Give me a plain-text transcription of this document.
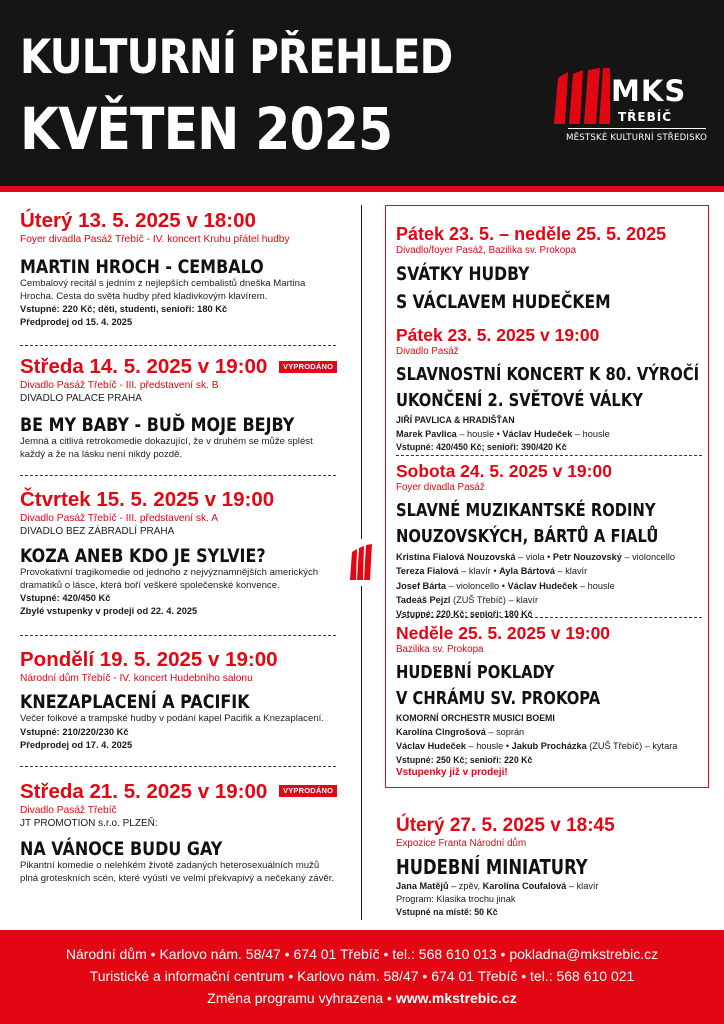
KULTURNÍ PŘEHLED
KVĚTEN 2025
MKS
TŘEBÍČ
MĚSTSKÉ KULTURNÍ STŘEDISKO
Úterý 13. 5. 2025 v 18:00
Foyer divadla Pasáž Třebíč - IV. koncert Kruhu přátel hudby
MARTIN HROCH - CEMBALO
Cembalový recitál s jedním z nejlepších cembalistů dneška Martina Hrocha. Cesta do světa hudby před kladivkovým klavírem.
Vstupné: 220 Kč; děti, studenti, senioři: 180 Kč
Předprodej od 15. 4. 2025
Středa 14. 5. 2025 v 19:00
Divadlo Pasáž Třebíč - III. představení sk. B
DIVADLO PALACE PRAHA
BE MY BABY - BUĎ MOJE BEJBY
Jemná a citlivá retrokomedie dokazující, že v druhém se může splést každý a že na lásku není nikdy pozdě.
VYPRODÁNO
Čtvrtek 15. 5. 2025 v 19:00
Divadlo Pasáž Třebíč - III. představení sk. A
DIVADLO BEZ ZÁBRADLÍ PRAHA
KOZA ANEB KDO JE SYLVIE?
Provokativní tragikomedie od jednoho z nejvýznamnějších amerických dramatiků o lásce, která boří veškeré společenské konvence.
Vstupné: 420/450 Kč
Zbylé vstupenky v prodeji od 22. 4. 2025
Pondělí 19. 5. 2025 v 19:00
Národní dům Třebíč - IV. koncert Hudebního salonu
KNEZAPLACENÍ A PACIFIK
Večer folkové a trampské hudby v podání kapel Pacifik a Knezaplacení.
Vstupné: 210/220/230 Kč
Předprodej od 17. 4. 2025
Středa 21. 5. 2025 v 19:00
Divadlo Pasáž Třebíč
JT PROMOTION s.r.o. PLZEŇ:
NA VÁNOCE BUDU GAY
Pikantní komedie o nelehkém životě zadaných heterosexuálních mužů plná groteskních scén, které vyústí ve velmi překvapivý a nečekaný závěr.
VYPRODÁNO
Pátek 23. 5. – neděle 25. 5. 2025
Divadlo/foyer Pasáž, Bazilika sv. Prokopa
SVÁTKY HUDBY
S VÁCLAVEM HUDEČKEM
Pátek 23. 5. 2025 v 19:00
Divadlo Pasáž
SLAVNOSTNÍ KONCERT K 80. VÝROČÍ
UKONČENÍ 2. SVĚTOVÉ VÁLKY
JIŘÍ PAVLICA & HRADIŠŤAN
Marek Pavlica – housle • Václav Hudeček – housle
Vstupné: 420/450 Kč; senioři: 390/420 Kč
Sobota 24. 5. 2025 v 19:00
Foyer divadla Pasáž
SLAVNÉ MUZIKANTSKÉ RODINY
NOUZOVSKÝCH, BÁRTŮ A FIALŮ
Kristina Fialová Nouzovská – viola • Petr Nouzovský – violoncello
Tereza Fialová – klavír • Ayla Bártová – klavír
Josef Bárta – violoncello • Václav Hudeček – housle
Tadeáš Pejzl (ZUŠ Třebíč) – klavír
Vstupné: 220 Kč; senioři: 180 Kč
Neděle 25. 5. 2025 v 19:00
Bazilika sv. Prokopa
HUDEBNÍ POKLADY
V CHRÁMU SV. PROKOPA
KOMORNÍ ORCHESTR MUSICI BOEMI
Karolína Cingrošová – soprán
Václav Hudeček – housle • Jakub Procházka (ZUŠ Třebíč) – kytara
Vstupné: 250 Kč; senioři: 220 Kč
Vstupenky již v prodeji!
Úterý 27. 5. 2025 v 18:45
Expozice Franta Národní dům
HUDEBNÍ MINIATURY
Jana Matějů – zpěv, Karolína Coufalová – klavír
Program: Klasika trochu jinak
Vstupné na místě: 50 Kč
Národní dům • Karlovo nám. 58/47 • 674 01 Třebíč • tel.: 568 610 013 • pokladna@mkstrebic.cz
Turistické a informační centrum • Karlovo nám. 58/47 • 674 01 Třebíč • tel.: 568 610 021
Změna programu vyhrazena • www.mkstrebic.cz
